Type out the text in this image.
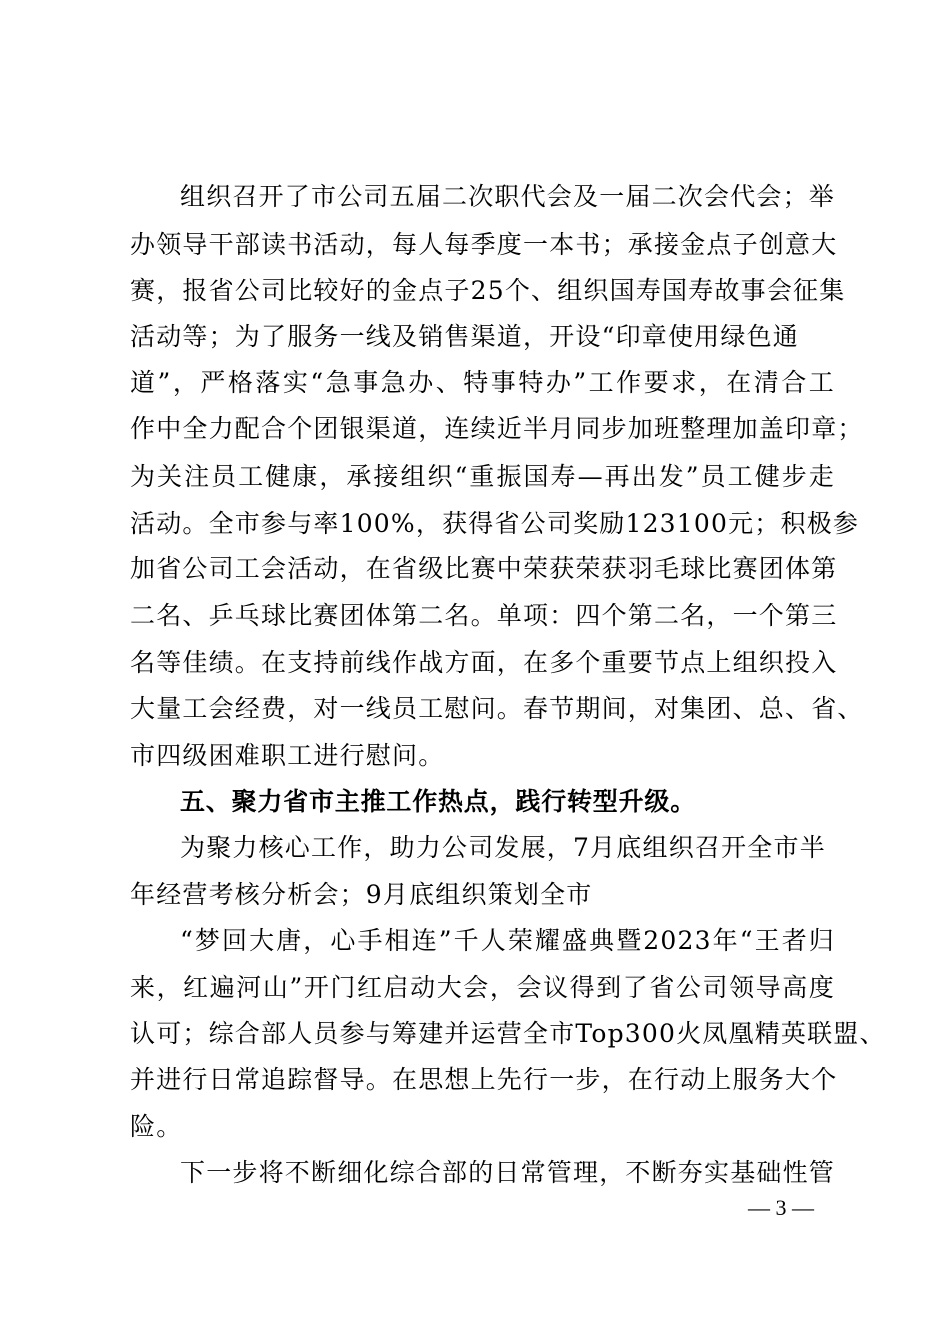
组织召开了市公司五届二次职代会及一届二次会代会；举
办领导干部读书活动，每人每季度一本书；承接金点子创意大
赛，报省公司比较好的金点子25个、组织国寿国寿故事会征集
活动等；为了服务一线及销售渠道，开设“印章使用绿色通
道”，严格落实“急事急办、特事特办”工作要求，在清合工
作中全力配合个团银渠道，连续近半月同步加班整理加盖印章；
为关注员工健康，承接组织“重振国寿—再出发”员工健步走
活动。全市参与率100%，获得省公司奖励123100元；积极参
加省公司工会活动，在省级比赛中荣获荣获羽毛球比赛团体第
二名、乒乓球比赛团体第二名。单项：四个第二名，一个第三
名等佳绩。在支持前线作战方面，在多个重要节点上组织投入
大量工会经费，对一线员工慰问。春节期间，对集团、总、省、
市四级困难职工进行慰问。
五、聚力省市主推工作热点，践行转型升级。
为聚力核心工作，助力公司发展，7月底组织召开全市半
年经营考核分析会；9月底组织策划全市
“梦回大唐，心手相连”千人荣耀盛典暨2023年“王者归
来，红遍河山”开门红启动大会，会议得到了省公司领导高度
认可；综合部人员参与筹建并运营全市Top300火凤凰精英联盟、
并进行日常追踪督导。在思想上先行一步，在行动上服务大个
险。
下一步将不断细化综合部的日常管理，不断夯实基础性管
— 3 —
